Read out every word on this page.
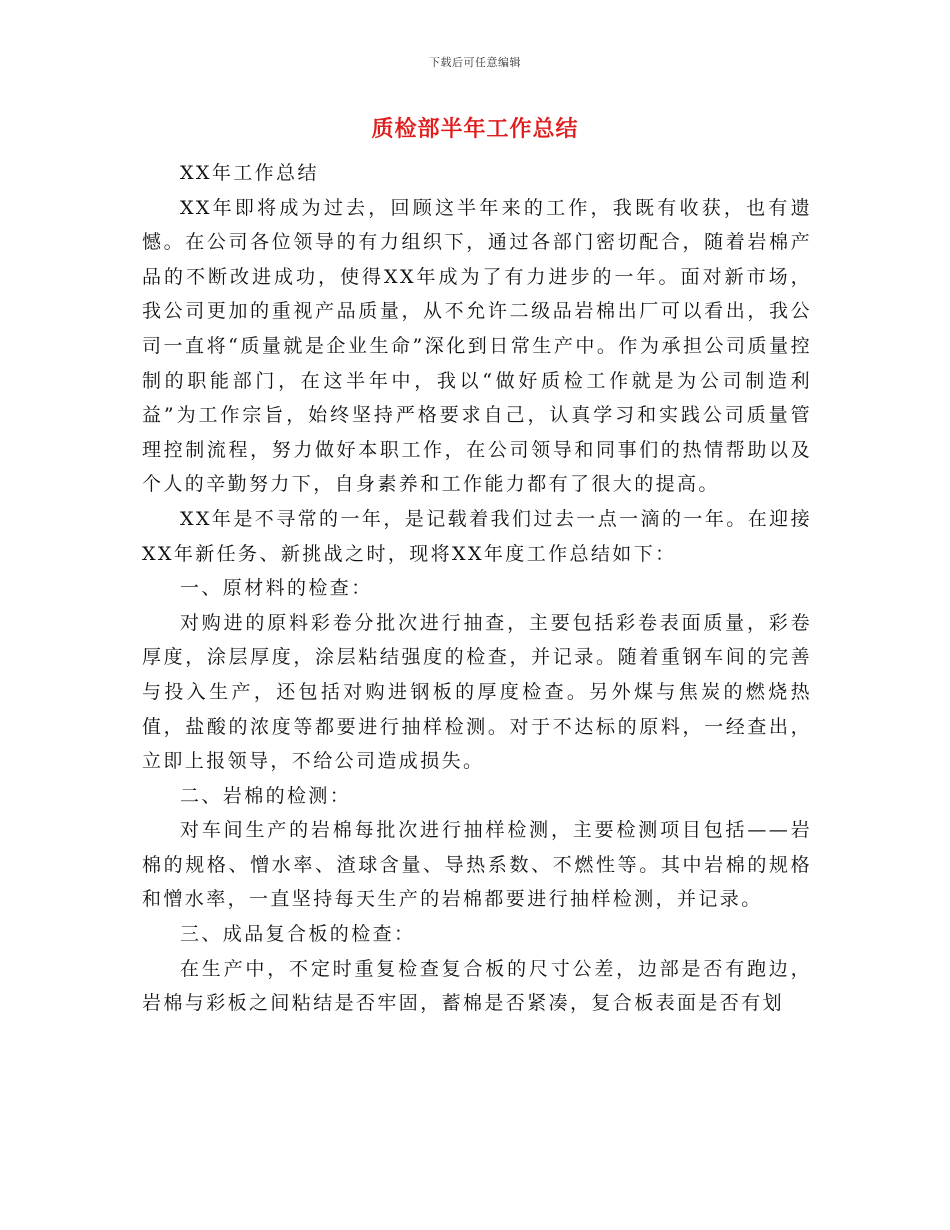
下载后可任意编辑
质检部半年工作总结

XX年工作总结

XX年即将成为过去，回顾这半年来的工作，我既有收获，也有遗憾。在公司各位领导的有力组织下，通过各部门密切配合，随着岩棉产品的不断改进成功，使得XX年成为了有力进步的一年。面对新市场，我公司更加的重视产品质量，从不允许二级品岩棉出厂可以看出，我公司一直将“质量就是企业生命”深化到日常生产中。作为承担公司质量控制的职能部门，在这半年中，我以“做好质检工作就是为公司制造利益”为工作宗旨，始终坚持严格要求自己，认真学习和实践公司质量管理控制流程，努力做好本职工作，在公司领导和同事们的热情帮助以及个人的辛勤努力下，自身素养和工作能力都有了很大的提高。

XX年是不寻常的一年，是记载着我们过去一点一滴的一年。在迎接XX年新任务、新挑战之时，现将XX年度工作总结如下：

一、原材料的检查：

对购进的原料彩卷分批次进行抽查，主要包括彩卷表面质量，彩卷厚度，涂层厚度，涂层粘结强度的检查，并记录。随着重钢车间的完善与投入生产，还包括对购进钢板的厚度检查。另外煤与焦炭的燃烧热值，盐酸的浓度等都要进行抽样检测。对于不达标的原料，一经查出，立即上报领导，不给公司造成损失。

二、岩棉的检测：

对车间生产的岩棉每批次进行抽样检测，主要检测项目包括——岩棉的规格、憎水率、渣球含量、导热系数、不燃性等。其中岩棉的规格和憎水率，一直坚持每天生产的岩棉都要进行抽样检测，并记录。

三、成品复合板的检查：

在生产中，不定时重复检查复合板的尺寸公差，边部是否有跑边，岩棉与彩板之间粘结是否牢固，蓄棉是否紧凑，复合板表面是否有划
